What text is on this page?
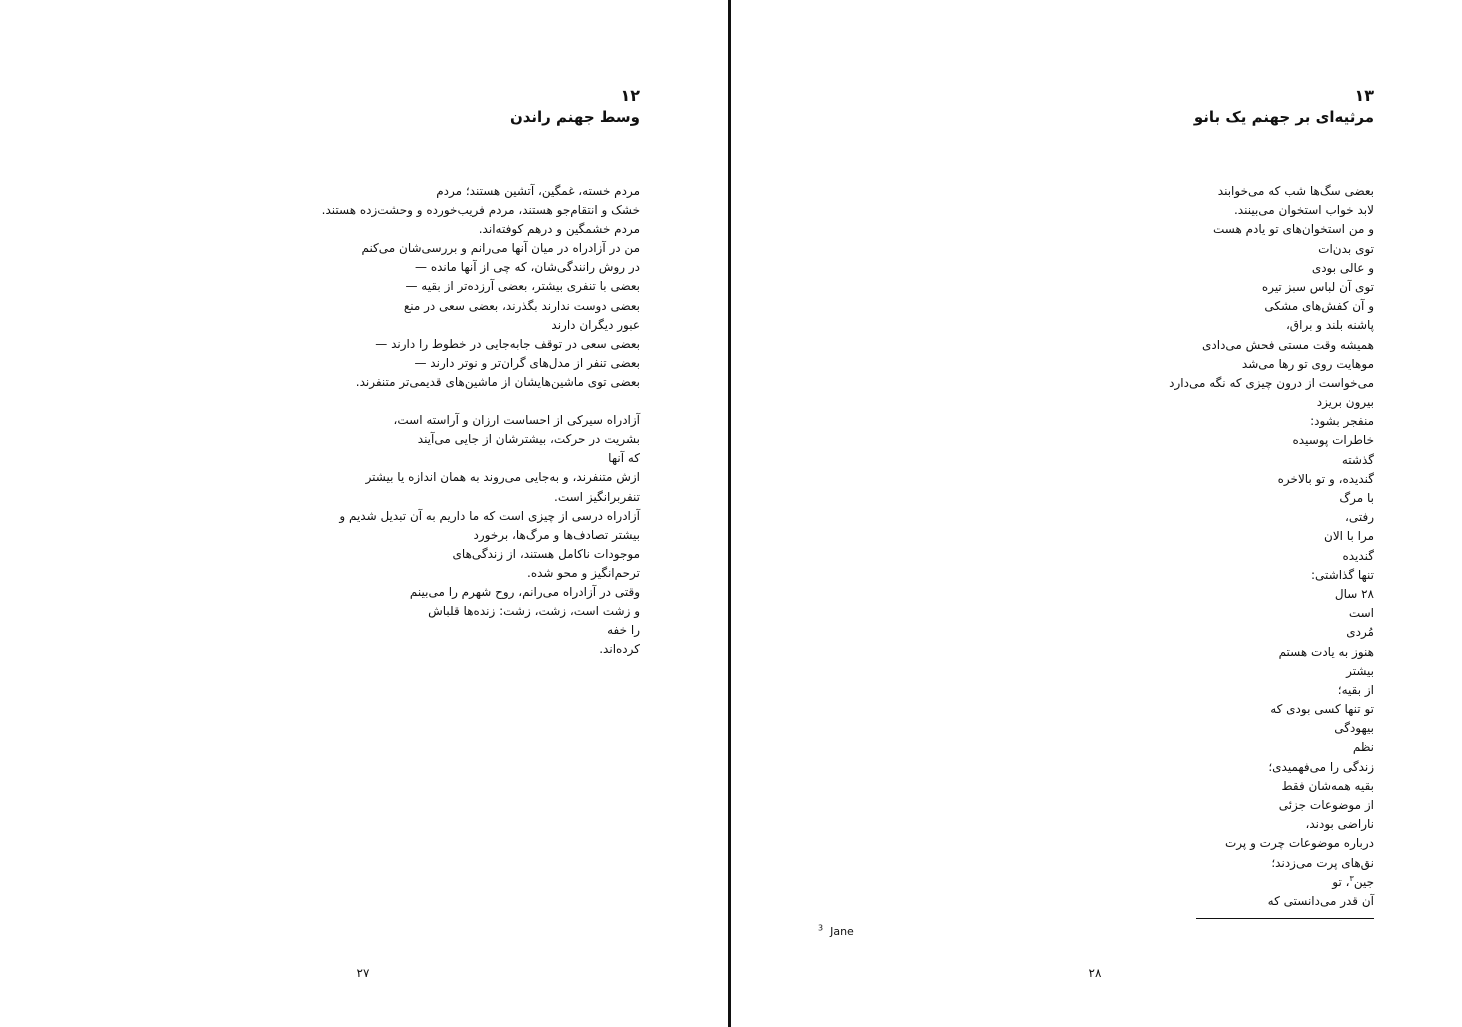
۱۲
وسط جهنم راندن
مردم خسته، غمگین، آتشین هستند؛ مردم
خشک و انتقام‌جو هستند، مردم فریب‌خورده و وحشت‌زده هستند.
مردم خشمگین و درهم کوفته‌اند.
من در آزادراه در میان آنها می‌رانم و بررسی‌شان می‌کنم
در روش رانندگی‌شان، که چی از آنها مانده —
بعضی با تنفری بیشتر، بعضی آرزده‌تر از بقیه —
بعضی دوست ندارند بگذرند، بعضی سعی در منع
عبور دیگران دارند
بعضی سعی در توقف جابه‌جایی در خطوط را دارند —
بعضی تنفر از مدل‌های گران‌تر و نوتر دارند —
بعضی توی ماشین‌هایشان از ماشین‌های قدیمی‌تر متنفرند.
آزادراه سیرکی از احساست ارزان و آراسته است،
بشریت در حرکت، بیشترشان از جایی می‌آیند
که آنها
ازش متنفرند، و به‌جایی می‌روند به همان اندازه یا بیشتر
تنفربرانگیز است.
آزادراه درسی از چیزی است که ما داریم به آن تبدیل شدیم و
بیشتر تصادف‌ها و مرگ‌ها، برخورد
موجودات ناکامل هستند، از زندگی‌های
ترحم‌انگیز و محو شده.
وقتی در آزادراه می‌رانم، روح شهرم را می‌بینم
و زشت است، زشت، زشت: زنده‌ها قلباش
را خفه
کرده‌اند.
۲۷
۱۳
مرثیه‌ای بر جهنم یک بانو
بعضی سگ‌ها شب که می‌خوابند
لابد خواب استخوان می‌بینند.
و من استخوان‌های تو یادم هست
توی بدن‌ات
و عالی بودی
توی آن لباس سبز تیره
و آن کفش‌های مشکی
پاشنه بلند و براق،
همیشه وقت مستی فحش می‌دادی
موهایت روی تو رها می‌شد
می‌خواست از درون چیزی که نگه می‌دارد
بیرون بریزد
منفجر بشود:
خاطرات پوسیده
گذشته
گندیده، و تو بالاخره
با مرگ
رفتی،
مرا با الان
گندیده
تنها گذاشتی:
۲۸ سال
است
مُردی
هنوز به یادت هستم
بیشتر
از بقیه؛
تو تنها کسی بودی که
بیهودگی
نظم
زندگی را می‌فهمیدی؛
بقیه همه‌شان فقط
از موضوعات جزئی
ناراضی بودند،
درباره موضوعات چرت و پرت
نق‌های پرت می‌زدند؛
جین$^۳$، تو
آن قدر می‌دانستی که
$^3$ Jane
۲۸
